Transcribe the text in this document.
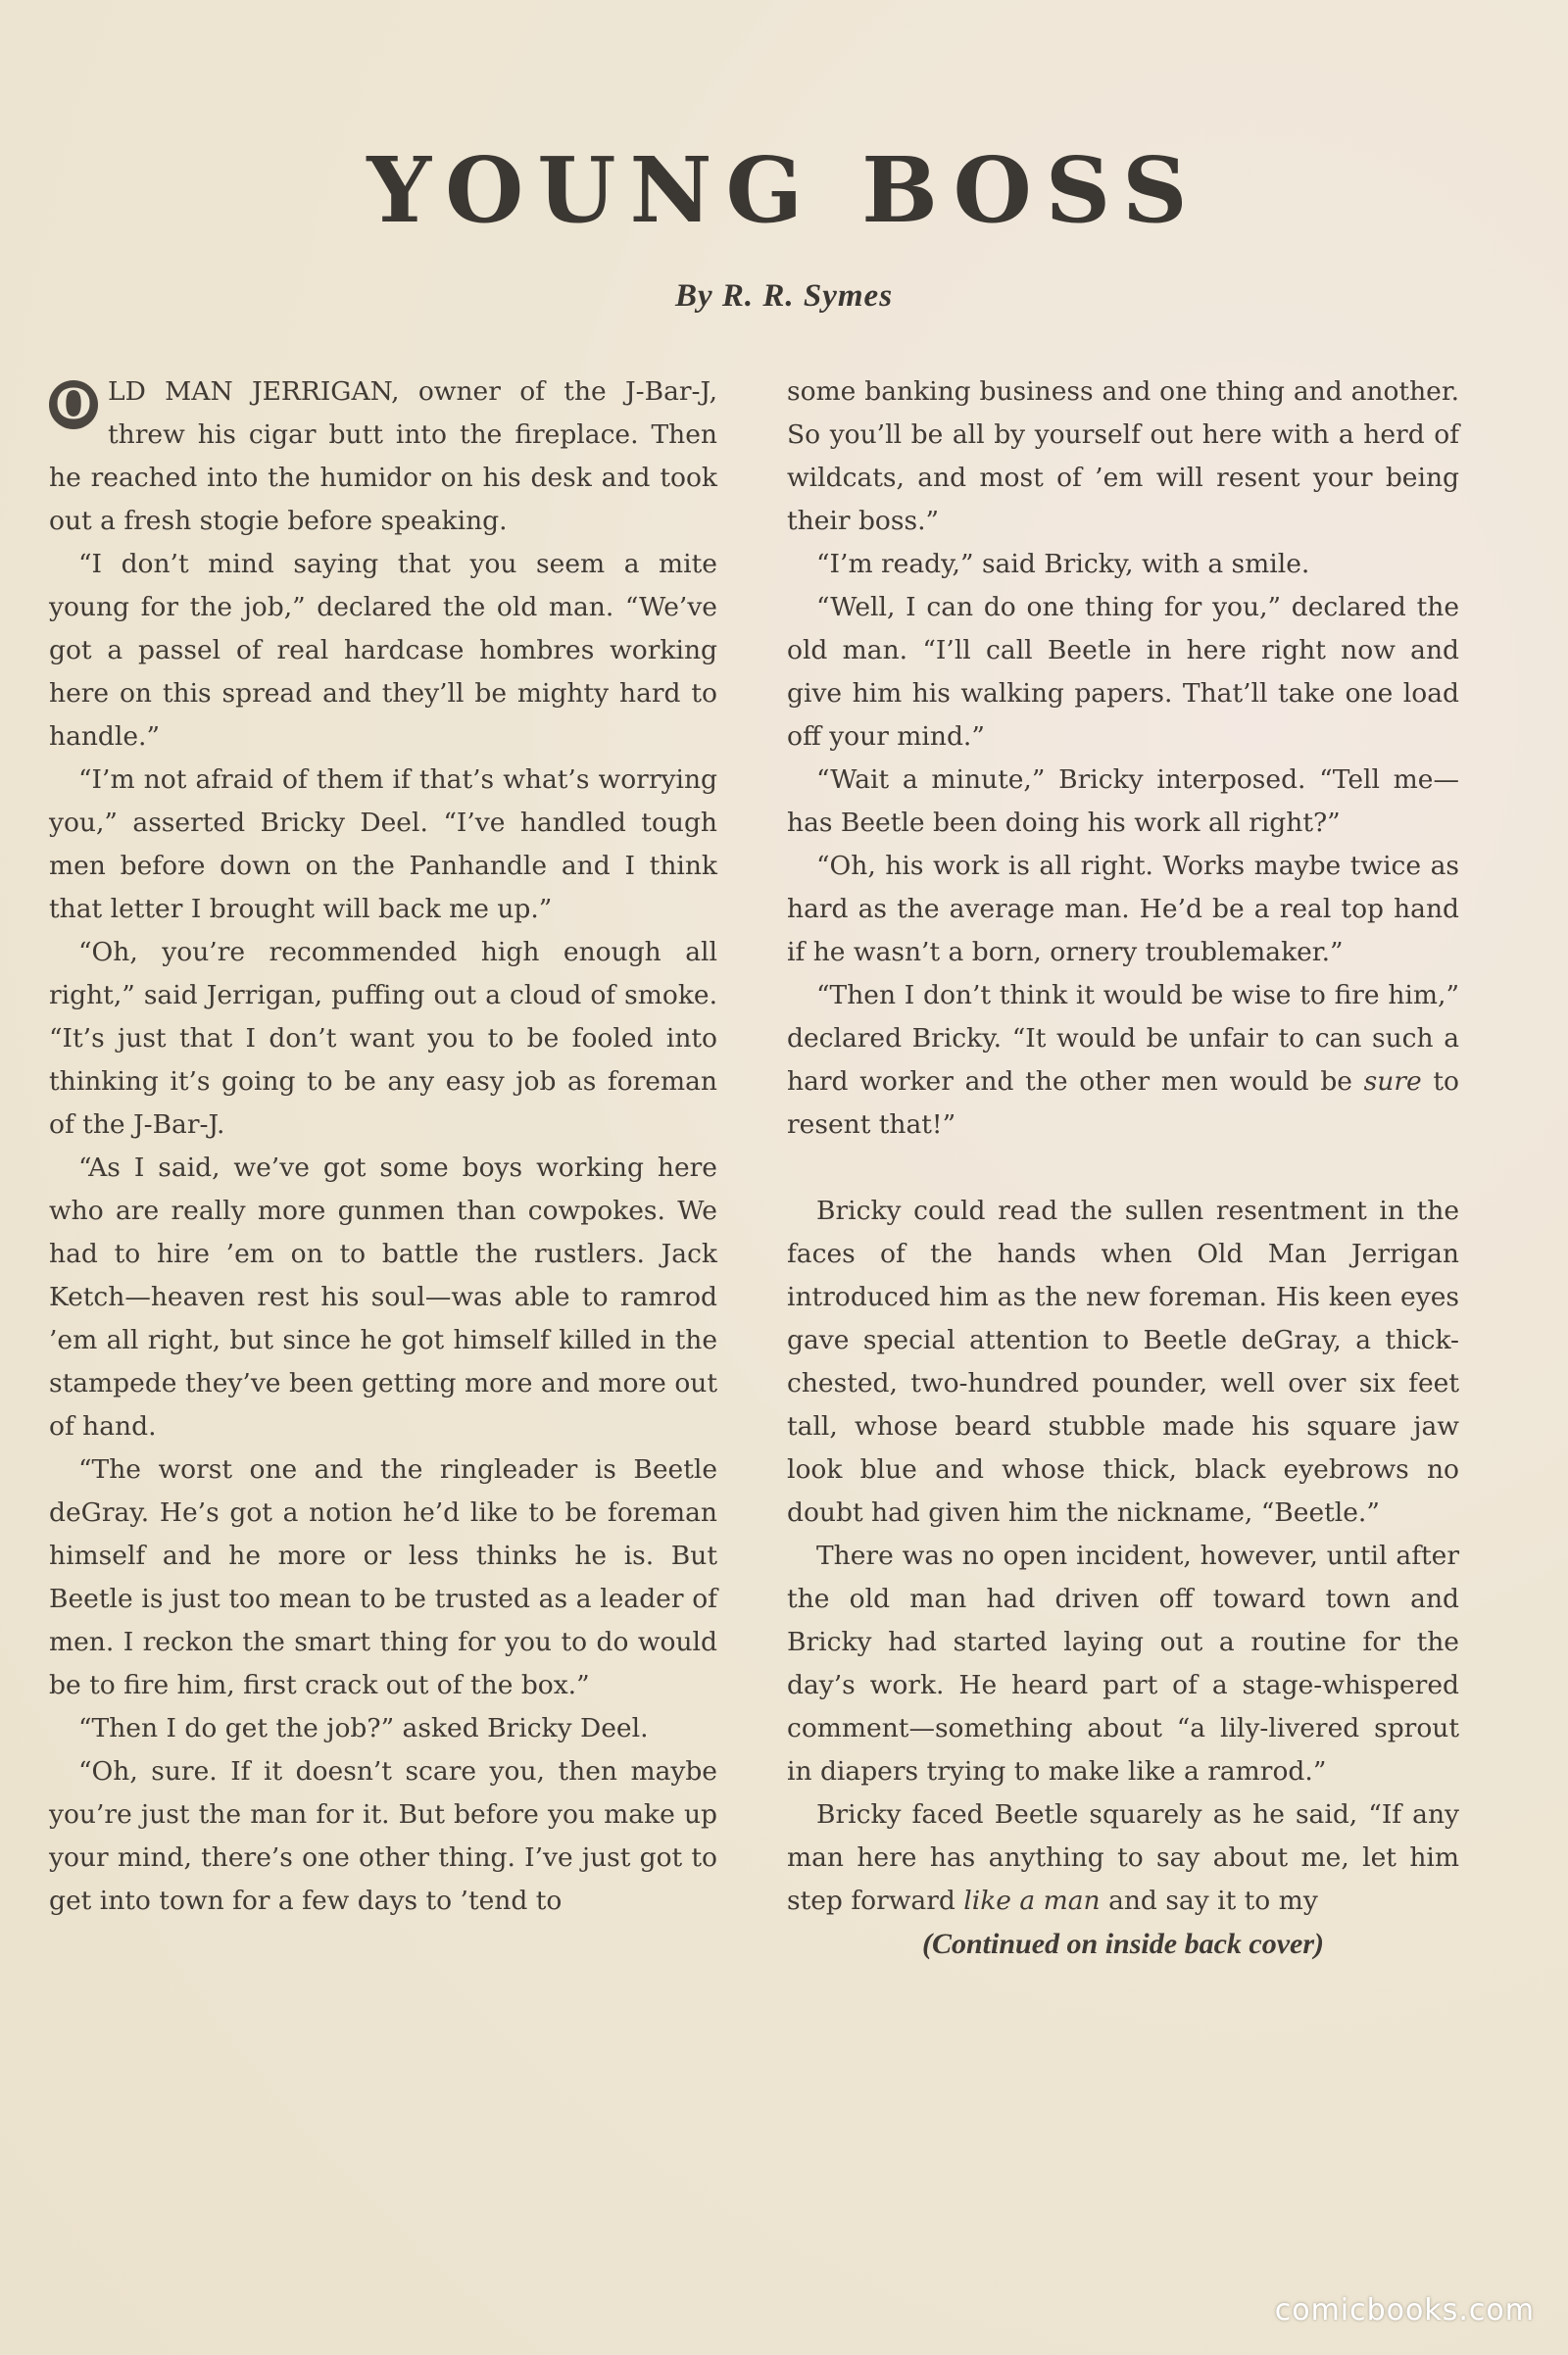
YOUNG BOSS
By R. R. Symes

O LD MAN JERRIGAN, owner of the J-Bar-J, threw his cigar butt into the fireplace. Then he reached into the humidor on his desk and took out a fresh stogie before speaking.

“I don’t mind saying that you seem a mite young for the job,” declared the old man. “We’ve got a passel of real hardcase hombres working here on this spread and they’ll be mighty hard to handle.”

“I’m not afraid of them if that’s what’s worrying you,” asserted Bricky Deel. “I’ve handled tough men before down on the Panhandle and I think that letter I brought will back me up.”

“Oh, you’re recommended high enough all right,” said Jerrigan, puffing out a cloud of smoke. “It’s just that I don’t want you to be fooled into thinking it’s going to be any easy job as foreman of the J-Bar-J.

“As I said, we’ve got some boys working here who are really more gunmen than cowpokes. We had to hire ’em on to battle the rustlers. Jack Ketch—heaven rest his soul—was able to ramrod ’em all right, but since he got himself killed in the stampede they’ve been getting more and more out of hand.

“The worst one and the ringleader is Beetle deGray. He’s got a notion he’d like to be foreman himself and he more or less thinks he is. But Beetle is just too mean to be trusted as a leader of men. I reckon the smart thing for you to do would be to fire him, first crack out of the box.”

“Then I do get the job?” asked Bricky Deel.

“Oh, sure. If it doesn’t scare you, then maybe you’re just the man for it. But before you make up your mind, there’s one other thing. I’ve just got to get into town for a few days to ’tend to

some banking business and one thing and another. So you’ll be all by yourself out here with a herd of wildcats, and most of ’em will resent your being their boss.”

“I’m ready,” said Bricky, with a smile.

“Well, I can do one thing for you,” declared the old man. “I’ll call Beetle in here right now and give him his walking papers. That’ll take one load off your mind.”

“Wait a minute,” Bricky interposed. “Tell me—has Beetle been doing his work all right?”

“Oh, his work is all right. Works maybe twice as hard as the average man. He’d be a real top hand if he wasn’t a born, ornery troublemaker.”

“Then I don’t think it would be wise to fire him,” declared Bricky. “It would be unfair to can such a hard worker and the other men would be sure to resent that!”

Bricky could read the sullen resentment in the faces of the hands when Old Man Jerrigan introduced him as the new foreman. His keen eyes gave special attention to Beetle deGray, a thick-chested, two-hundred pounder, well over six feet tall, whose beard stubble made his square jaw look blue and whose thick, black eyebrows no doubt had given him the nickname, “Beetle.”

There was no open incident, however, until after the old man had driven off toward town and Bricky had started laying out a routine for the day’s work. He heard part of a stage-whispered comment—something about “a lily-livered sprout in diapers trying to make like a ramrod.”

Bricky faced Beetle squarely as he said, “If any man here has anything to say about me, let him step forward like a man and say it to my

(Continued on inside back cover)

comicbooks.com
